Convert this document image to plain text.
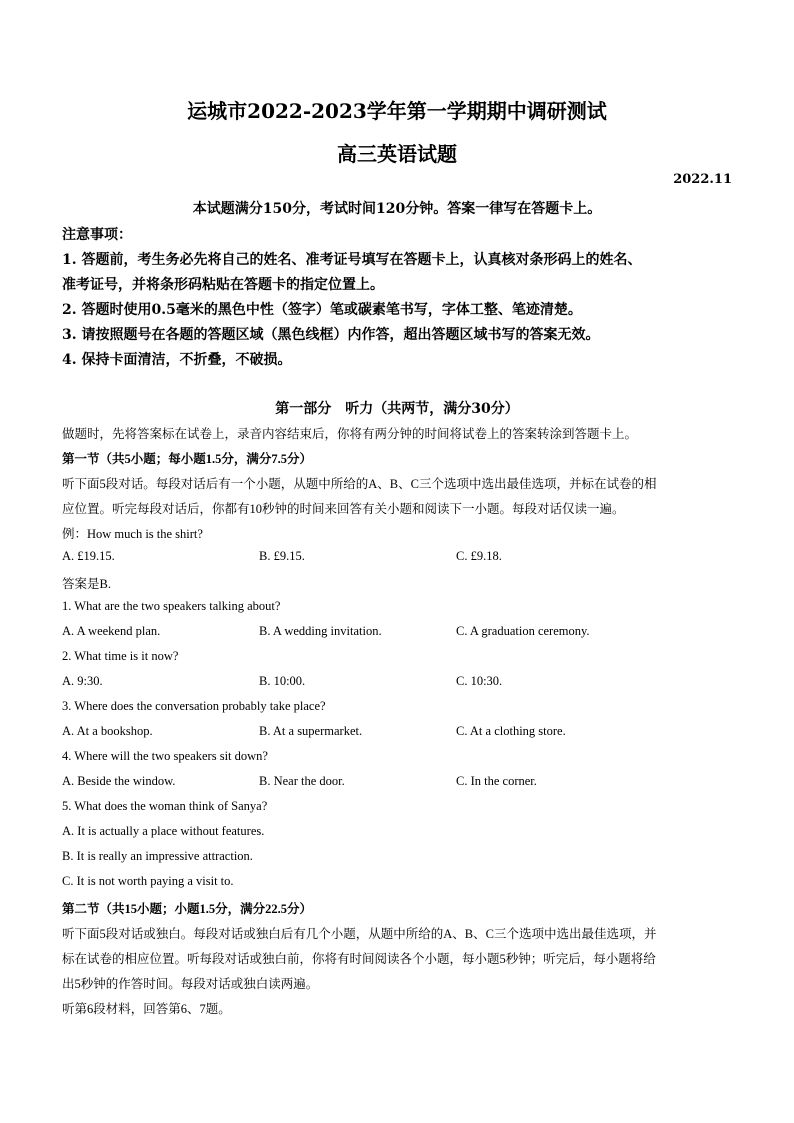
运城市2022-2023学年第一学期期中调研测试
高三英语试题
2022.11
本试题满分150分，考试时间120分钟。答案一律写在答题卡上。
注意事项：
1. 答题前，考生务必先将自己的姓名、准考证号填写在答题卡上，认真核对条形码上的姓名、
准考证号，并将条形码粘贴在答题卡的指定位置上。
2. 答题时使用0.5毫米的黑色中性（签字）笔或碳素笔书写，字体工整、笔迹清楚。
3. 请按照题号在各题的答题区域（黑色线框）内作答，超出答题区域书写的答案无效。
4. 保持卡面清洁，不折叠，不破损。
第一部分　听力（共两节，满分30分）
做题时，先将答案标在试卷上，录音内容结束后，你将有两分钟的时间将试卷上的答案转涂到答题卡上。
第一节（共5小题；每小题1.5分，满分7.5分）
听下面5段对话。每段对话后有一个小题，从题中所给的A、B、C三个选项中选出最佳选项，并标在试卷的相
应位置。听完每段对话后，你都有10秒钟的时间来回答有关小题和阅读下一小题。每段对话仅读一遍。
例：How much is the shirt?
A. £19.15.	B. £9.15.	C. £9.18.
答案是B.
1. What are the two speakers talking about?
A. A weekend plan.	B. A wedding invitation.	C. A graduation ceremony.
2. What time is it now?
A. 9:30.	B. 10:00.	C. 10:30.
3. Where does the conversation probably take place?
A. At a bookshop.	B. At a supermarket.	C. At a clothing store.
4. Where will the two speakers sit down?
A. Beside the window.	B. Near the door.	C. In the corner.
5. What does the woman think of Sanya?
A. It is actually a place without features.
B. It is really an impressive attraction.
C. It is not worth paying a visit to.
第二节（共15小题；小题1.5分，满分22.5分）
听下面5段对话或独白。每段对话或独白后有几个小题，从题中所给的A、B、C三个选项中选出最佳选项，并
标在试卷的相应位置。听每段对话或独白前，你将有时间阅读各个小题，每小题5秒钟；听完后，每小题将给
出5秒钟的作答时间。每段对话或独白读两遍。
听第6段材料，回答第6、7题。
